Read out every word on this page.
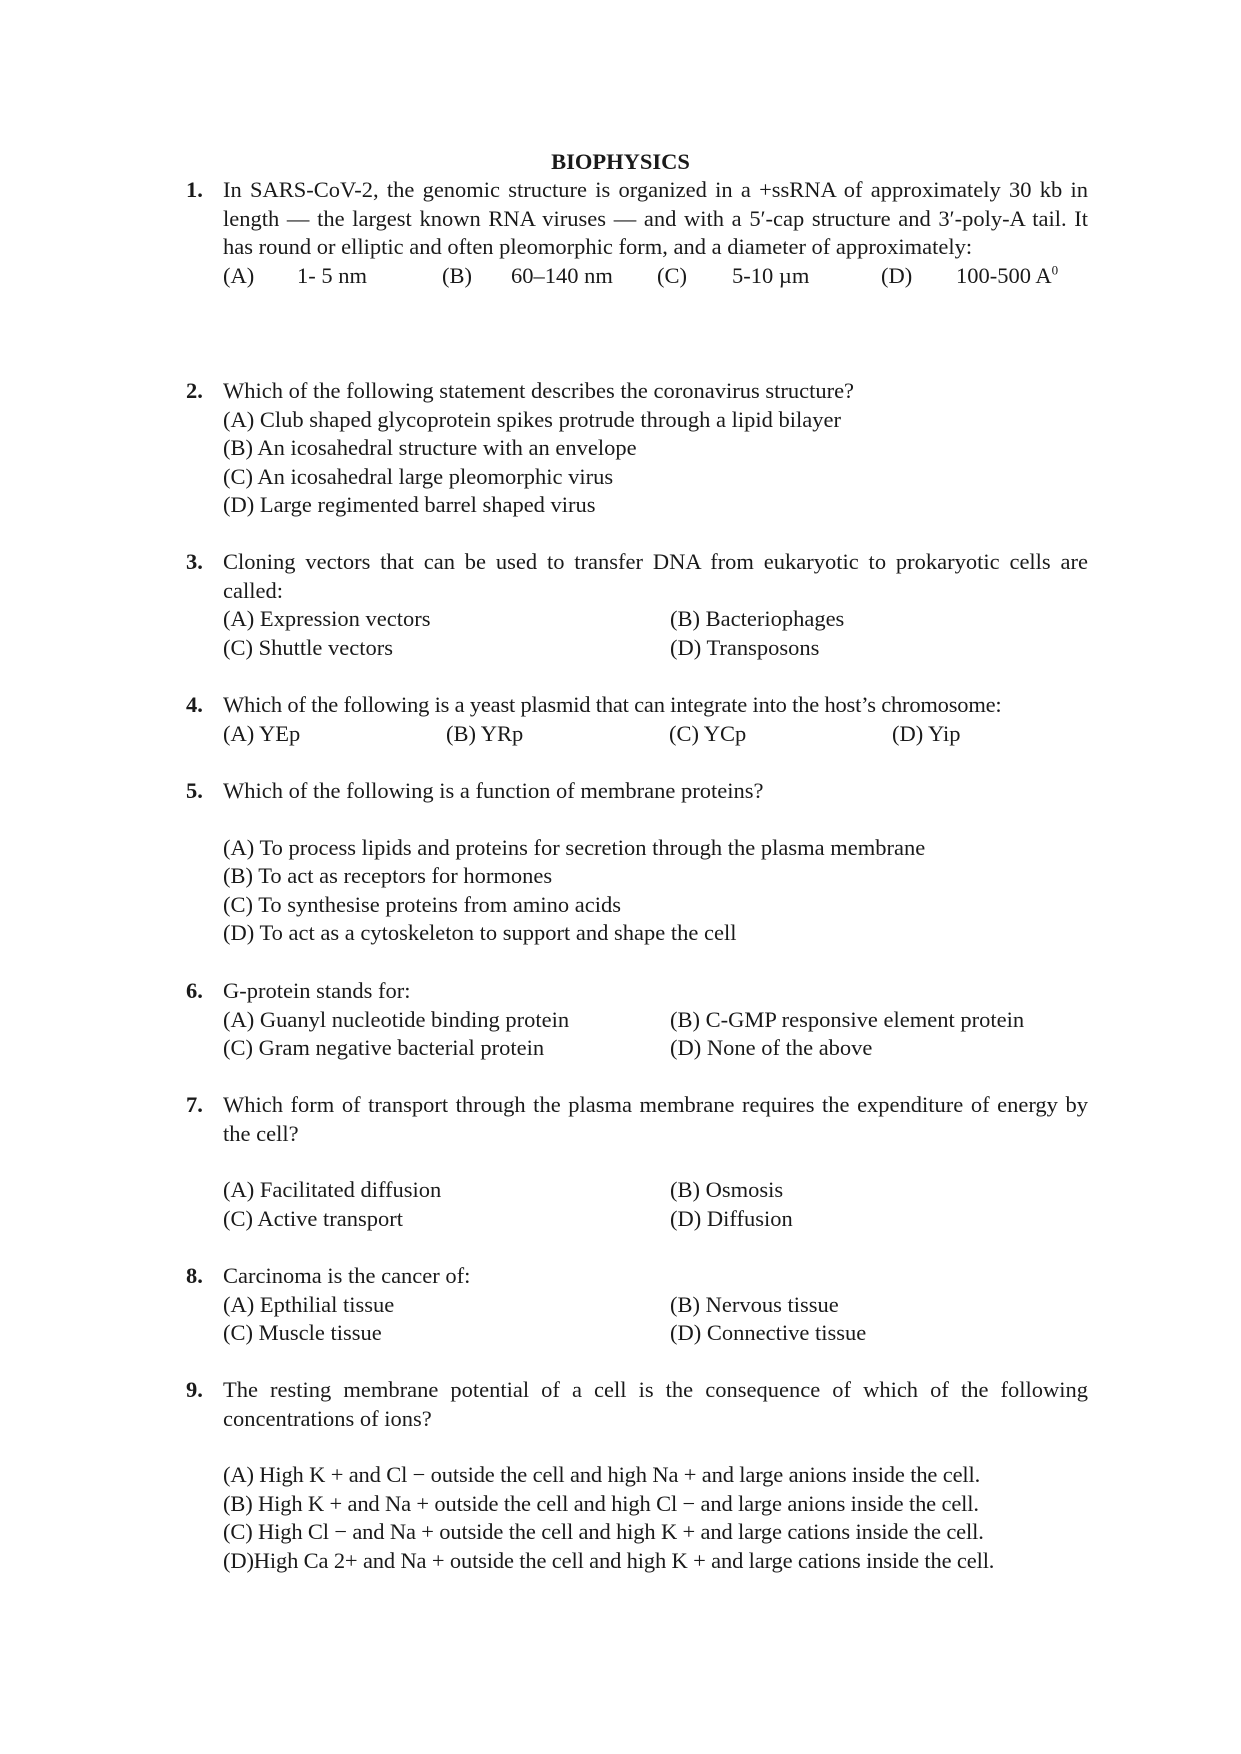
BIOPHYSICS
1. In SARS-CoV-2, the genomic structure is organized in a +ssRNA of approximately 30 kb in length — the largest known RNA viruses — and with a 5′-cap structure and 3′-poly-A tail. It has round or elliptic and often pleomorphic form, and a diameter of approximately:
(A)	1- 5 nm	(B)	60–140 nm	(C)	5-10 µm	(D)	100-500 $A^0$
2. Which of the following statement describes the coronavirus structure?
(A) Club shaped glycoprotein spikes protrude through a lipid bilayer
(B) An icosahedral structure with an envelope
(C) An icosahedral large pleomorphic virus
(D) Large regimented barrel shaped virus
3. Cloning vectors that can be used to transfer DNA from eukaryotic to prokaryotic cells are called:
(A) Expression vectors	(B) Bacteriophages
(C) Shuttle vectors	(D) Transposons
4. Which of the following is a yeast plasmid that can integrate into the host’s chromosome:
(A) YEp	(B) YRp	(C) YCp	(D) Yip
5. Which of the following is a function of membrane proteins?
(A) To process lipids and proteins for secretion through the plasma membrane
(B) To act as receptors for hormones
(C) To synthesise proteins from amino acids
(D) To act as a cytoskeleton to support and shape the cell
6. G-protein stands for:
(A) Guanyl nucleotide binding protein	(B) C-GMP responsive element protein
(C) Gram negative bacterial protein	(D) None of the above
7. Which form of transport through the plasma membrane requires the expenditure of energy by the cell?
(A) Facilitated diffusion	(B) Osmosis
(C) Active transport	(D) Diffusion
8. Carcinoma is the cancer of:
(A) Epthilial tissue	(B) Nervous tissue
(C) Muscle tissue	(D) Connective tissue
9. The resting membrane potential of a cell is the consequence of which of the following concentrations of ions?
(A) High K + and Cl − outside the cell and high Na + and large anions inside the cell.
(B) High K + and Na + outside the cell and high Cl − and large anions inside the cell.
(C) High Cl − and Na + outside the cell and high K + and large cations inside the cell.
(D)High Ca 2+ and Na + outside the cell and high K + and large cations inside the cell.
